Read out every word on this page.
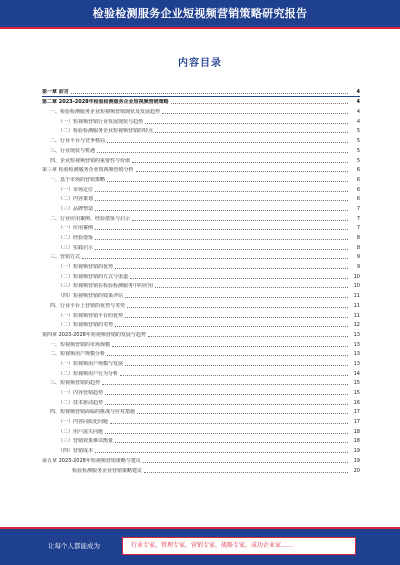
检验检测服务企业短视频营销策略研究报告
内容目录
第一章 前言	4
第二章 2023-2028年检验检测服务企业短视频营销策略	4
一、检验检测服务企业短视频营销现状及发展趋势	4
（一）短视频营销行业发展现状与趋势	4
（二）检验检测服务企业短视频营销的特点	5
二、行业平台与竞争格局	5
三、行业现状与机遇	5
四、企业短视频营销的重要性与价值	5
第三章 检验检测服务企业短视频营销分析	6
一、基于市场的营销策略	6
（一）市场定位	6
（二）内容策划	6
（三）品牌塑造	7
二、行业应用案例、经验借鉴与启示	7
（一）应用案例	7
（二）经验借鉴	8
（三）实践启示	8
三、营销方式	9
（一）短视频营销的优势	9
（二）短视频营销的方式与渠道	10
（三）短视频营销在检验检测服务中的应用	10
（四）短视频营销的效果评估	11
四、行业平台上营销的优势与劣势	11
（一）短视频营销平台的优势	11
（二）短视频营销的劣势	12
第四章 2023-2028年短视频营销的发展与趋势	13
一、短视频营销的市场规模	13
二、短视频用户规模分析	13
（一）短视频用户规模与发展	13
（二）短视频用户行为分析	14
三、短视频营销的趋势	15
（一）内容营销趋势	15
（二）技术驱动趋势	16
四、短视频营销面临的挑战与应对措施	17
（一）内容同质化问题	17
（二）用户流失问题	18
（三）营销效果难以衡量	18
（四）营销成本	19
第五章 2023-2028年短视频营销策略与建议	19
检验检测服务企业营销策略建议	20
让每个人都能成为	行业专家，管理专家，营销专家，战略专家，成功企业家……
